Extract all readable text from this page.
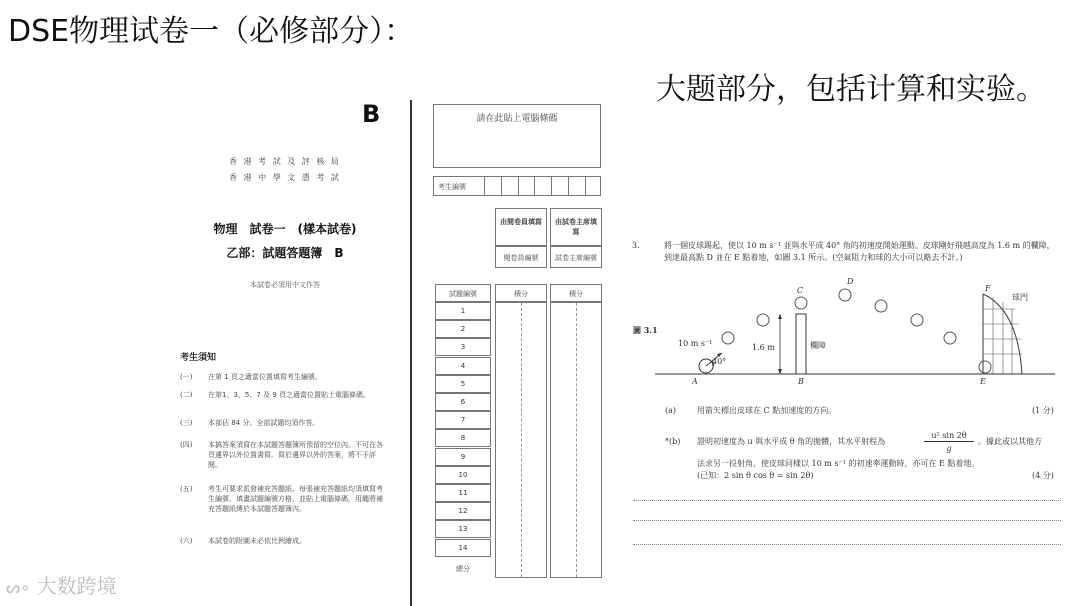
DSE物理试卷一（必修部分）：
大题部分，包括计算和实验。
B
香 港 考 試 及 評 核 局
香 港 中 學 文 憑 考 試
物理　試卷一　(樣本試卷)
乙部：試題答題簿　B
本試卷必須用中文作答
考生須知
(一) 在第 1 頁之適當位置填寫考生編號。
(二) 在第1、3、5、7 及 9 頁之適當位置貼上電腦條碼。
(三) 本部佔 84 分。全部試題均須作答。
(四) 本搞答案須寫在本試題答題簿所預留的空位內。不可在各頁邊界以外位置書寫。寫於邊界以外的答案，將不予評閱。
(五) 考生可要求派發補充答題紙。每張補充答題紙均須填寫考生編號、填畫試題編號方格、並貼上電腦條碼，用繩將補充答題紙縛於本試題答題簿內。
(六) 本試卷的附圖未必依比例繪成。
請在此貼上電腦條碼
考生編號
由閱卷員填寫 由試卷主席填寫
閱卷員編號	試卷主席編號
試題編號	積分	積分
1
2
3
4
5
6
7
8
9
10
11
12
13
14
總分
3.	將一個皮球踢起，使以 10 m s⁻¹ 並與水平成 40° 角的初速度開始運動。皮球剛好飛越高度為 1.6 m 的欄障，到達最高點 D 並在 E 點着地，如圖 3.1 所示。(空氣阻力和球的大小可以略去不計。)
圖 3.1
A	B
C
D
E
F
球門
欄障
1.6 m
10 m s⁻¹
40°
(a)	用箭矢標出皮球在 C 點加速度的方向。	(1 分)
*(b) 證明初速度為 u 與水平成 θ 角的拋體，其水平射程為
u² sin 2θ
g
。據此或以其他方
法求另一投射角，使皮球同樣以 10 m s⁻¹ 的初速率運動時，亦可在 E 點着地。
(已知：2 sin θ cos θ = sin 2θ)	(4 分)
ᔕ∘ 大数跨境
